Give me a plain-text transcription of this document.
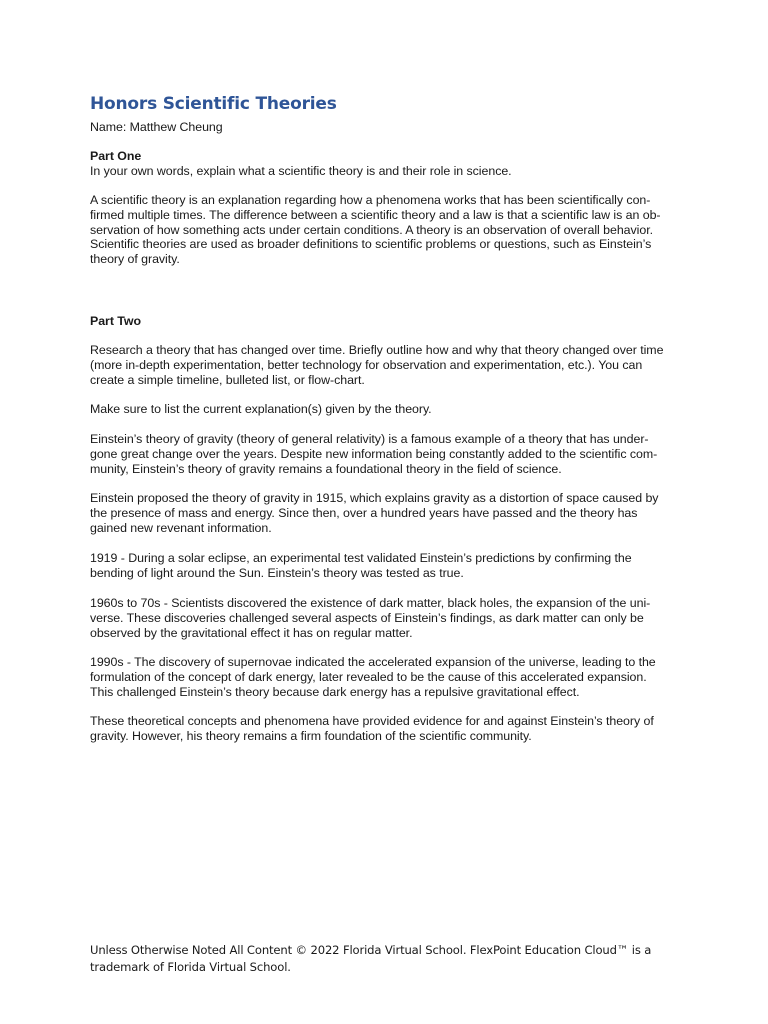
Honors Scientific Theories
Name: Matthew Cheung
Part One
In your own words, explain what a scientific theory is and their role in science.
A scientific theory is an explanation regarding how a phenomena works that has been scientifically con-
firmed multiple times. The difference between a scientific theory and a law is that a scientific law is an ob-
servation of how something acts under certain conditions. A theory is an observation of overall behavior.
Scientific theories are used as broader definitions to scientific problems or questions, such as Einstein’s
theory of gravity.
Part Two
Research a theory that has changed over time. Briefly outline how and why that theory changed over time
(more in-depth experimentation, better technology for observation and experimentation, etc.). You can
create a simple timeline, bulleted list, or flow-chart.
Make sure to list the current explanation(s) given by the theory.
Einstein’s theory of gravity (theory of general relativity) is a famous example of a theory that has under-
gone great change over the years. Despite new information being constantly added to the scientific com-
munity, Einstein’s theory of gravity remains a foundational theory in the field of science.
Einstein proposed the theory of gravity in 1915, which explains gravity as a distortion of space caused by
the presence of mass and energy. Since then, over a hundred years have passed and the theory has
gained new revenant information.
1919 - During a solar eclipse, an experimental test validated Einstein’s predictions by confirming the
bending of light around the Sun. Einstein’s theory was tested as true.
1960s to 70s - Scientists discovered the existence of dark matter, black holes, the expansion of the uni-
verse. These discoveries challenged several aspects of Einstein’s findings, as dark matter can only be
observed by the gravitational effect it has on regular matter.
1990s - The discovery of supernovae indicated the accelerated expansion of the universe, leading to the
formulation of the concept of dark energy, later revealed to be the cause of this accelerated expansion.
This challenged Einstein’s theory because dark energy has a repulsive gravitational effect.
These theoretical concepts and phenomena have provided evidence for and against Einstein’s theory of
gravity. However, his theory remains a firm foundation of the scientific community.
Unless Otherwise Noted All Content © 2022 Florida Virtual School. FlexPoint Education Cloud™ is a
trademark of Florida Virtual School.
